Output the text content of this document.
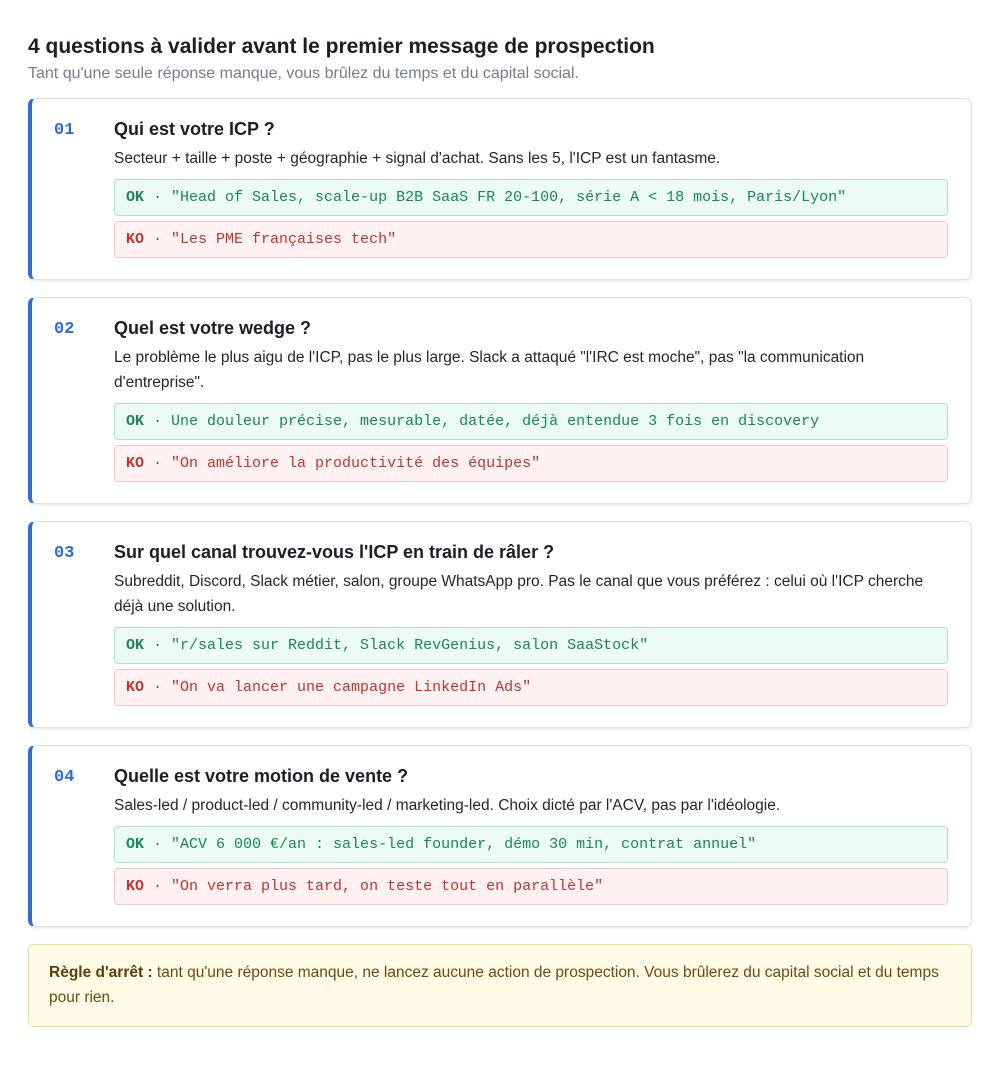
4 questions à valider avant le premier message de prospection

Tant qu'une seule réponse manque, vous brûlez du temps et du capital social.

01 Qui est votre ICP ?
Secteur + taille + poste + géographie + signal d'achat. Sans les 5, l'ICP est un fantasme.
OK · "Head of Sales, scale-up B2B SaaS FR 20-100, série A < 18 mois, Paris/Lyon"
KO · "Les PME françaises tech"
02 Quel est votre wedge ?
Le problème le plus aigu de l'ICP, pas le plus large. Slack a attaqué "l'IRC est moche", pas "la communication d'entreprise".
OK · Une douleur précise, mesurable, datée, déjà entendue 3 fois en discovery
KO · "On améliore la productivité des équipes"
03 Sur quel canal trouvez-vous l'ICP en train de râler ?
Subreddit, Discord, Slack métier, salon, groupe WhatsApp pro. Pas le canal que vous préférez : celui où l'ICP cherche déjà une solution.
OK · "r/sales sur Reddit, Slack RevGenius, salon SaaStock"
KO · "On va lancer une campagne LinkedIn Ads"
04 Quelle est votre motion de vente ?
Sales-led / product-led / community-led / marketing-led. Choix dicté par l'ACV, pas par l'idéologie.
OK · "ACV 6 000 €/an : sales-led founder, démo 30 min, contrat annuel"
KO · "On verra plus tard, on teste tout en parallèle"
Règle d'arrêt : tant qu'une réponse manque, ne lancez aucune action de prospection. Vous brûlerez du capital social et du temps pour rien.
